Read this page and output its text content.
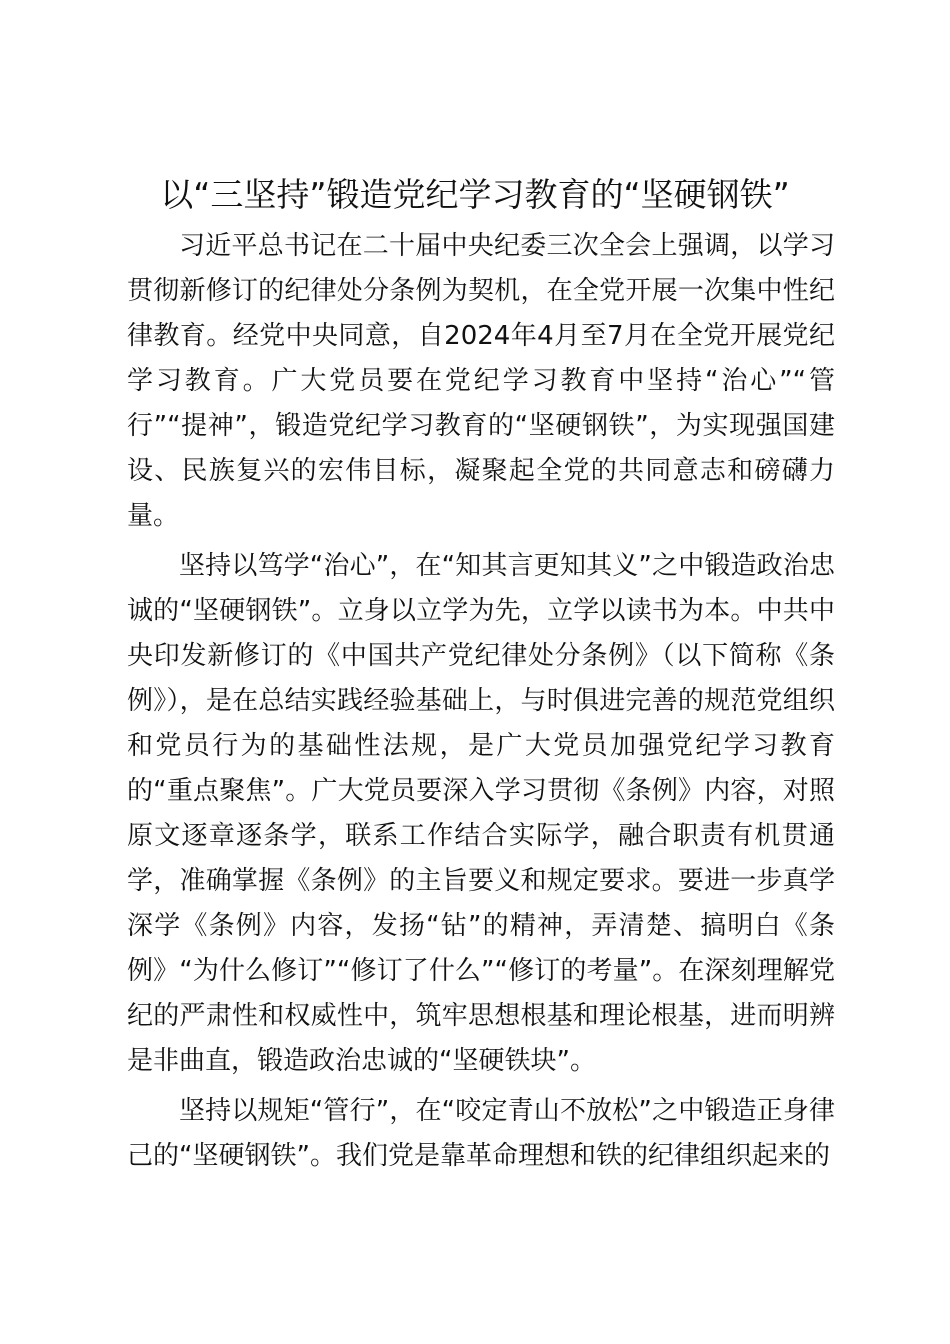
以“三坚持”锻造党纪学习教育的“坚硬钢铁”

习近平总书记在二十届中央纪委三次全会上强调，以学习贯彻新修订的纪律处分条例为契机，在全党开展一次集中性纪律教育。经党中央同意，自2024年4月至7月在全党开展党纪学习教育。广大党员要在党纪学习教育中坚持“治心”“管行”“提神”，锻造党纪学习教育的“坚硬钢铁”，为实现强国建设、民族复兴的宏伟目标，凝聚起全党的共同意志和磅礴力量。

坚持以笃学“治心”，在“知其言更知其义”之中锻造政治忠诚的“坚硬钢铁”。立身以立学为先，立学以读书为本。中共中央印发新修订的《中国共产党纪律处分条例》（以下简称《条例》），是在总结实践经验基础上，与时俱进完善的规范党组织和党员行为的基础性法规，是广大党员加强党纪学习教育的“重点聚焦”。广大党员要深入学习贯彻《条例》内容，对照原文逐章逐条学，联系工作结合实际学，融合职责有机贯通学，准确掌握《条例》的主旨要义和规定要求。要进一步真学深学《条例》内容，发扬“钻”的精神，弄清楚、搞明白《条例》“为什么修订”“修订了什么”“修订的考量”。在深刻理解党纪的严肃性和权威性中，筑牢思想根基和理论根基，进而明辨是非曲直，锻造政治忠诚的“坚硬铁块”。

坚持以规矩“管行”，在“咬定青山不放松”之中锻造正身律己的“坚硬钢铁”。我们党是靠革命理想和铁的纪律组织起来的
